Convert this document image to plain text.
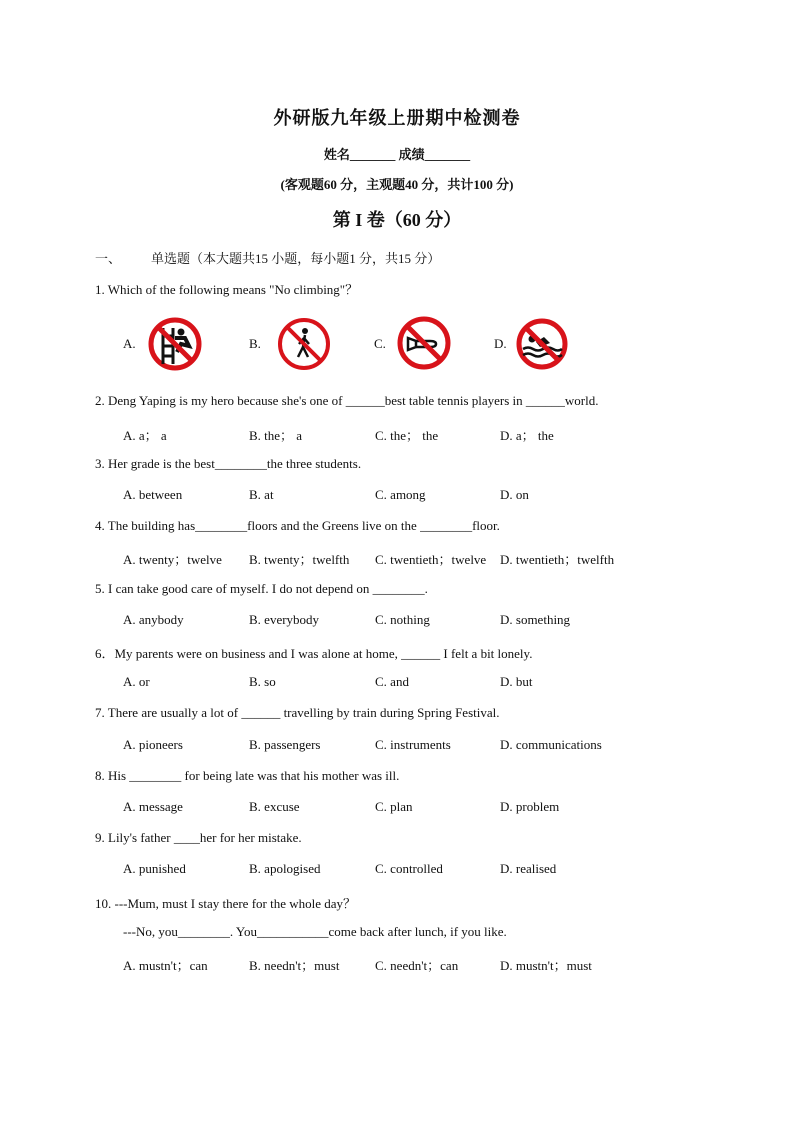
外研版九年级上册期中检测卷
姓名_______ 成绩_______
(客观题60 分，主观题40 分，共计100 分)
第 I 卷（60 分）
一、 单选题（本大题共15 小题，每小题1 分，共15 分）
1. Which of the following means "No climbing"？
A.	B.	C.	D.
2. Deng Yaping is my hero because she's one of ______best table tennis players in ______world.
A. a； a	B. the； a	C. the； the	D. a； the
3. Her grade is the best________the three students.
A. between	B. at	C. among	D. on
4. The building has________floors and the Greens live on the ________floor.
A. twenty；twelve B. twenty；twelfth C. twentieth；twelve D. twentieth；twelfth
5. I can take good care of myself. I do not depend on ________.
A. anybody	B. everybody	C. nothing	D. something
6．My parents were on business and I was alone at home, ______ I felt a bit lonely.
A. or	B. so	C. and	D. but
7. There are usually a lot of ______ travelling by train during Spring Festival.
A. pioneers	B. passengers	C. instruments	D. communications
8. His ________ for being late was that his mother was ill.
A. message	B. excuse	C. plan	D. problem
9. Lily's father ____her for her mistake.
A. punished	B. apologised	C. controlled	D. realised
10. ---Mum, must I stay there for the whole day？
---No, you________. You___________come back after lunch, if you like.
A. mustn't；can	B. needn't；must	C. needn't；can	D. mustn't；must
